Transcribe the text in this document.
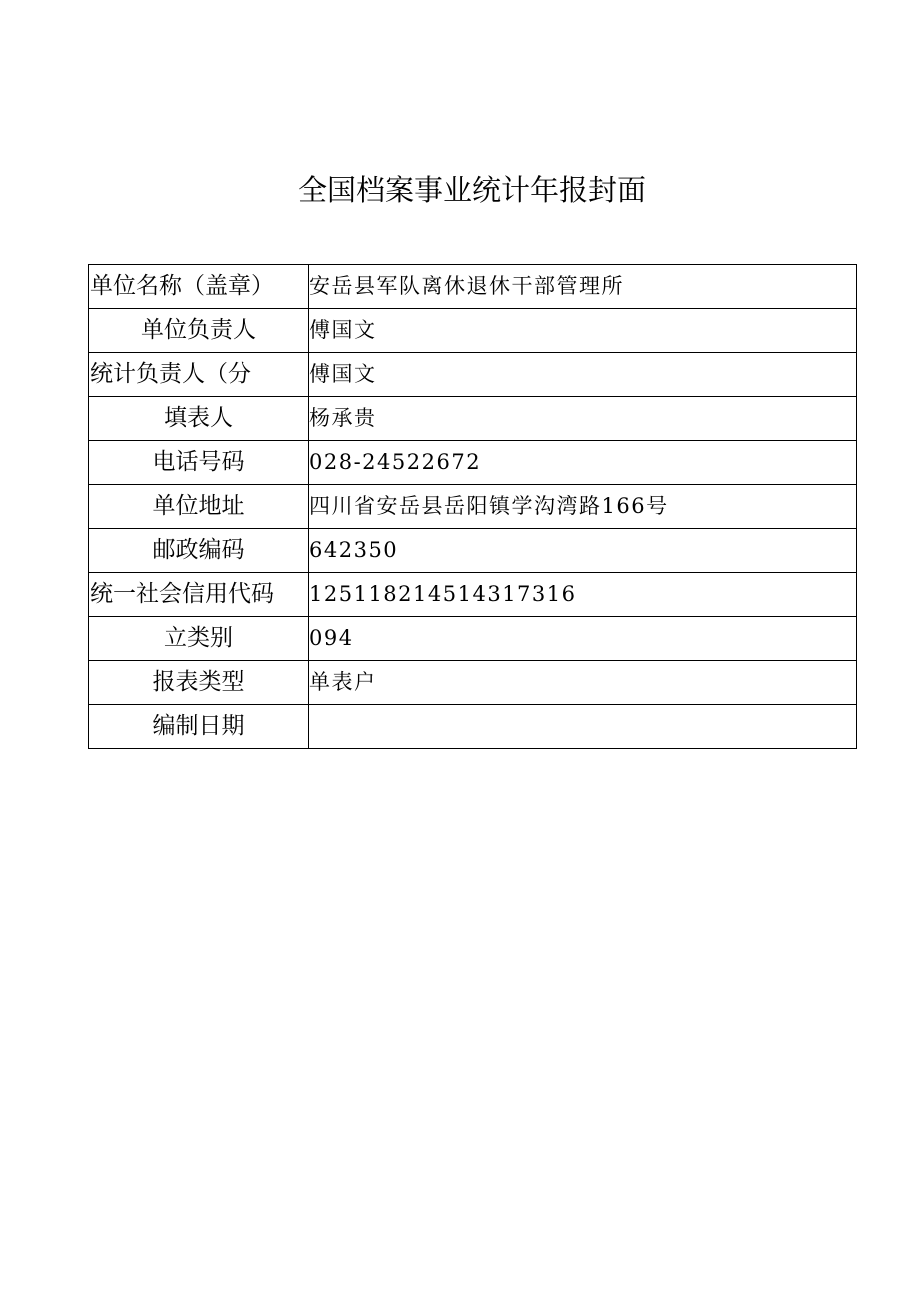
全国档案事业统计年报封面
单位名称（盖章）	安岳县军队离休退休干部管理所
单位负责人	傅国文
统计负责人（分	傅国文
填表人	杨承贵
电话号码	028-24522672
单位地址	四川省安岳县岳阳镇学沟湾路166号
邮政编码	642350
统一社会信用代码	125118214514317316
立类别	094
报表类型	单表户
编制日期	
